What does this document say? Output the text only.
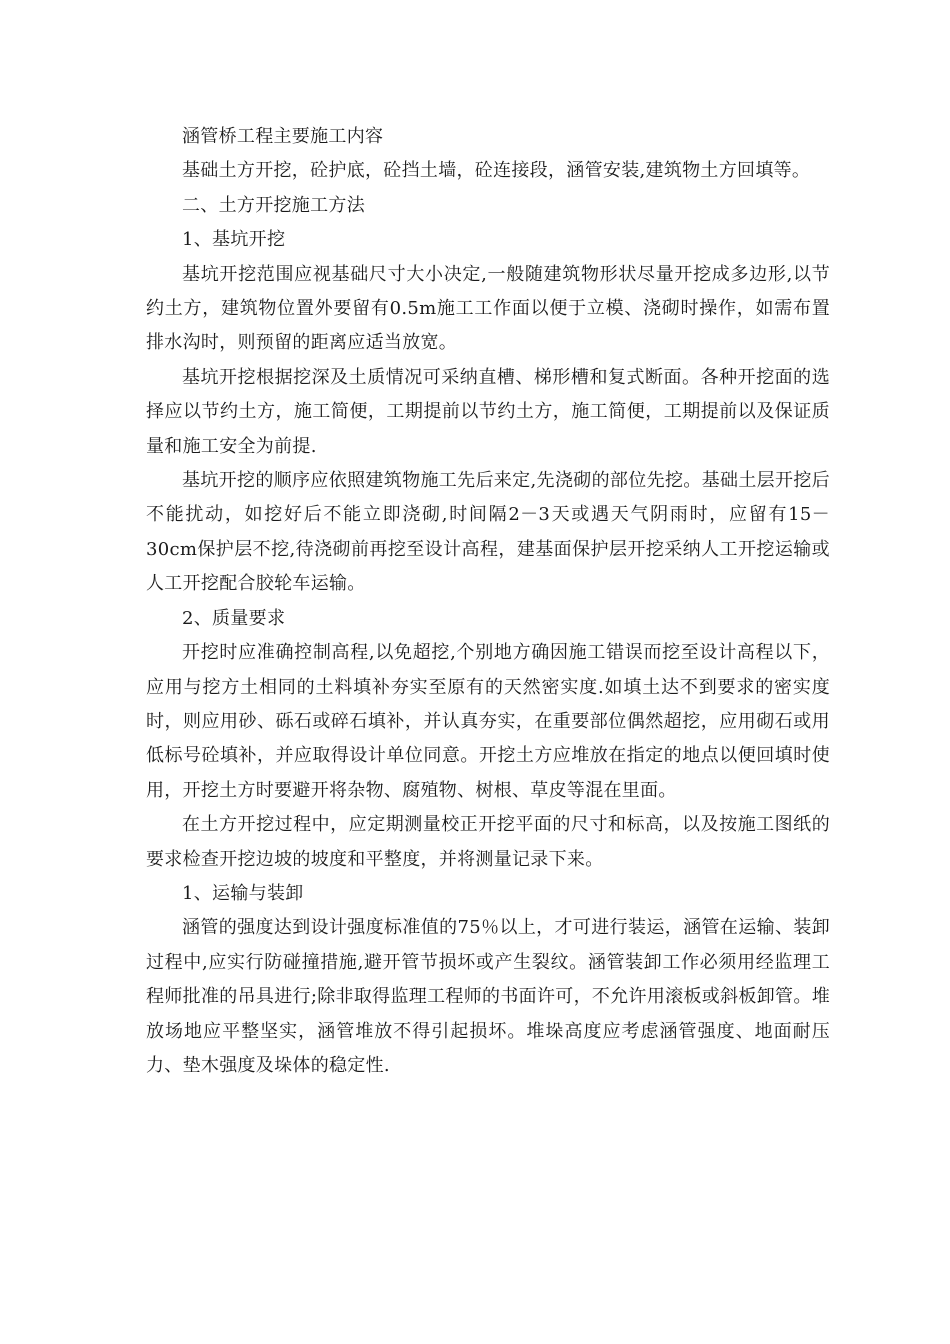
涵管桥工程主要施工内容

基础土方开挖，砼护底，砼挡土墙，砼连接段，涵管安装,建筑物土方回填等。

二、土方开挖施工方法

1、基坑开挖

基坑开挖范围应视基础尺寸大小决定,一般随建筑物形状尽量开挖成多边形,以节约土方，建筑物位置外要留有0.5m施工工作面以便于立模、浇砌时操作，如需布置排水沟时，则预留的距离应适当放宽。

基坑开挖根据挖深及土质情况可采纳直槽、梯形槽和复式断面。各种开挖面的选择应以节约土方，施工简便，工期提前以节约土方，施工简便，工期提前以及保证质量和施工安全为前提.

基坑开挖的顺序应依照建筑物施工先后来定,先浇砌的部位先挖。基础土层开挖后不能扰动，如挖好后不能立即浇砌,时间隔2－3天或遇天气阴雨时，应留有15－30cm保护层不挖,待浇砌前再挖至设计高程，建基面保护层开挖采纳人工开挖运输或人工开挖配合胶轮车运输。

2、质量要求

开挖时应准确控制高程,以免超挖,个别地方确因施工错误而挖至设计高程以下，应用与挖方土相同的土料填补夯实至原有的天然密实度.如填土达不到要求的密实度时，则应用砂、砾石或碎石填补，并认真夯实，在重要部位偶然超挖，应用砌石或用低标号砼填补，并应取得设计单位同意。开挖土方应堆放在指定的地点以便回填时使用，开挖土方时要避开将杂物、腐殖物、树根、草皮等混在里面。

在土方开挖过程中，应定期测量校正开挖平面的尺寸和标高，以及按施工图纸的要求检查开挖边坡的坡度和平整度，并将测量记录下来。

1、运输与装卸

涵管的强度达到设计强度标准值的75％以上，才可进行装运，涵管在运输、装卸过程中,应实行防碰撞措施,避开管节损坏或产生裂纹。涵管装卸工作必须用经监理工程师批准的吊具进行;除非取得监理工程师的书面许可，不允许用滚板或斜板卸管。堆放场地应平整坚实，涵管堆放不得引起损坏。堆垛高度应考虑涵管强度、地面耐压力、垫木强度及垛体的稳定性.
